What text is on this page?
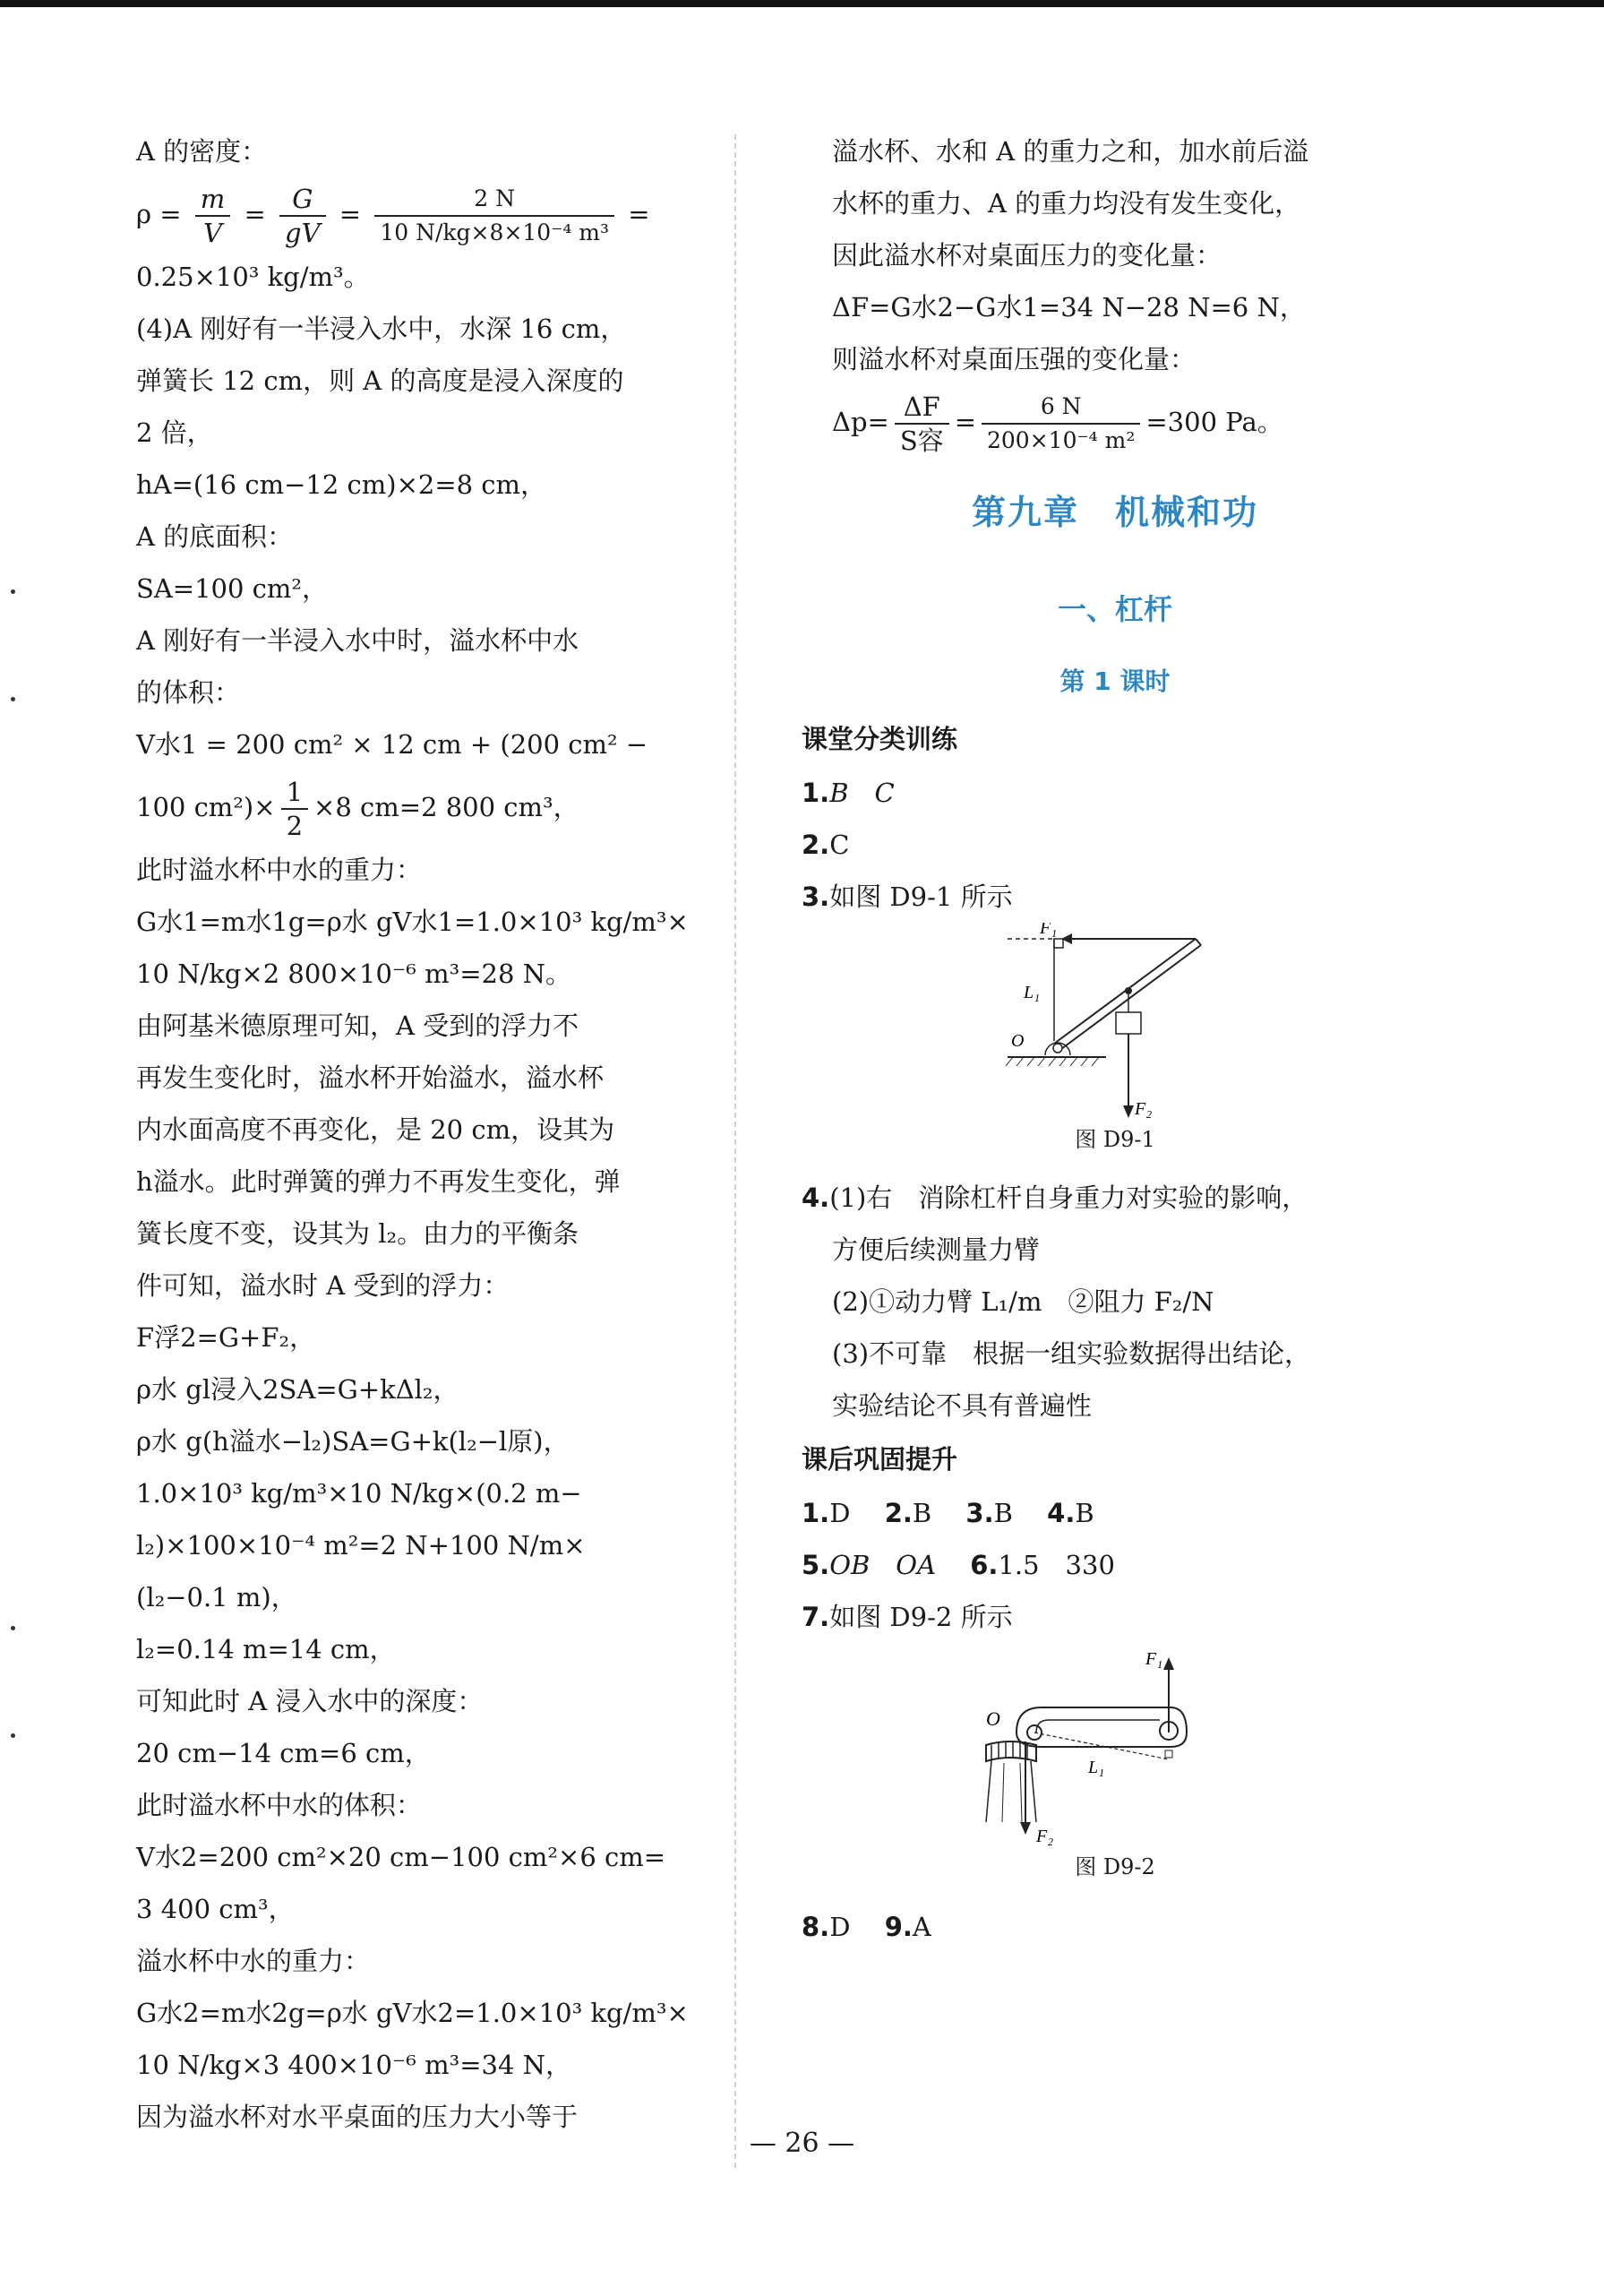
A 的密度：
$\rho = \frac{m}{V} = \frac{G}{gV} = \frac{2 N}{\text{10 N/kg×8×10⁻⁴ m³}}$ =
0.25×10³ kg/m³。
(4)A 刚好有一半浸入水中，水深 16 cm，
弹簧长 12 cm，则 A 的高度是浸入深度的
2 倍，
hA=(16 cm−12 cm)×2=8 cm，
A 的底面积：
SA=100 cm²，
A 刚好有一半浸入水中时，溢水杯中水
的体积：
V水1 = 200 cm² × 12 cm + (200 cm² −
100 $cm^2)\times \frac{1}{2} \times 8$ cm=2 800 cm³，
此时溢水杯中水的重力：
G水1=m水1g=ρ水 gV水1=1.0×10³ kg/m³×
10 N/kg×2 800×10⁻⁶ m³=28 N。
由阿基米德原理可知，A 受到的浮力不
再发生变化时，溢水杯开始溢水，溢水杯
内水面高度不再变化，是 20 cm，设其为
h溢水。此时弹簧的弹力不再发生变化，弹
簧长度不变，设其为 l₂。由力的平衡条
件可知，溢水时 A 受到的浮力：
F浮2=G+F₂，
ρ水 gl浸入2SA=G+kΔl₂，
ρ水 g(h溢水−l₂)SA=G+k(l₂−l原)，
1.0×10³ kg/m³×10 N/kg×(0.2 m−
l₂)×100×10⁻⁴ m²=2 N+100 N/m×
(l₂−0.1 m)，
l₂=0.14 m=14 cm，
可知此时 A 浸入水中的深度：
20 cm−14 cm=6 cm，
此时溢水杯中水的体积：
V水2=200 cm²×20 cm−100 cm²×6 cm=
3 400 cm³，
溢水杯中水的重力：
G水2=m水2g=ρ水 gV水2=1.0×10³ kg/m³×
10 N/kg×3 400×10⁻⁶ m³=34 N，
因为溢水杯对水平桌面的压力大小等于
溢水杯、水和 A 的重力之和，加水前后溢
水杯的重力、A 的重力均没有发生变化，
因此溢水杯对桌面压力的变化量：
ΔF=G水2−G水1=34 N−28 N=6 N，
则溢水杯对桌面压强的变化量：
$\Delta p= \frac{\Delta F}{\text{S容}} = \frac{6 N}{\text{200×10⁻⁴ m²}} =300$ Pa。
第九章　机械和功
一、杠杆
第 1 课时
课堂分类训练
1.B　C
2.C
3.如图 D9-1 所示
F₁
L₁
O
F₂
图 D9-1
4.(1)右　消除杠杆自身重力对实验的影响，
方便后续测量力臂
(2)①动力臂 L₁/m　②阻力 F₂/N
(3)不可靠　根据一组实验数据得出结论，
实验结论不具有普遍性
课后巩固提升
1.D　 2.B　 3.B　 4.B
5.OB　OA　 6.1.5　330
7.如图 D9-2 所示
F₁
O
L₁
F₂
图 D9-2
8.D　 9.A
— 26 —
